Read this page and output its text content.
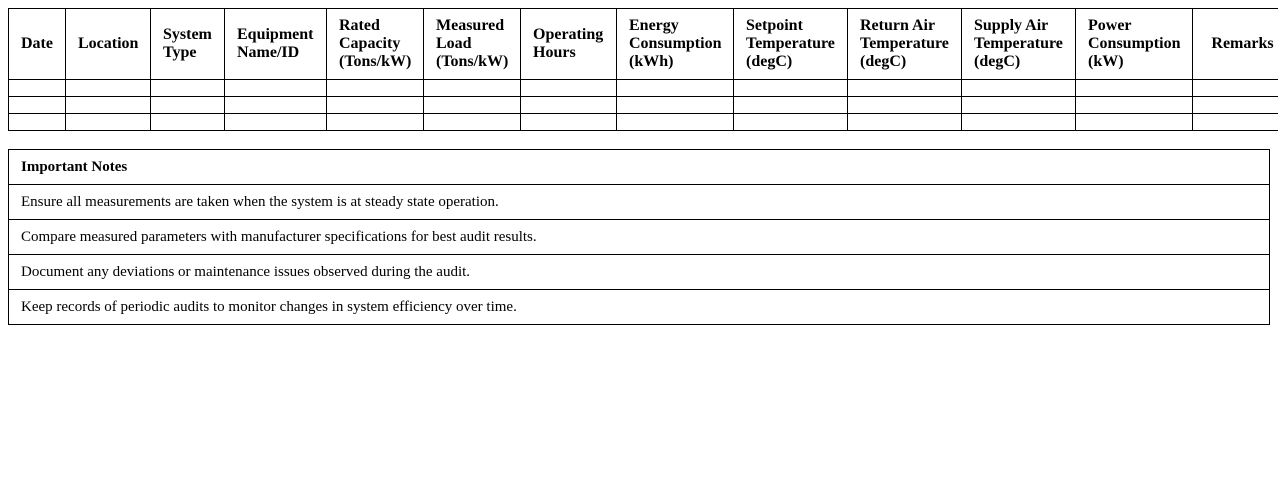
Date	Location	System Type	Equipment Name/ID	Rated Capacity (Tons/kW)	Measured Load (Tons/kW)	Operating Hours	Energy Consumption (kWh)	Setpoint Temperature (degC)	Return Air Temperature (degC)	Supply Air Temperature (degC)	Power Consumption (kW)	Remarks

Important Notes
Ensure all measurements are taken when the system is at steady state operation.
Compare measured parameters with manufacturer specifications for best audit results.
Document any deviations or maintenance issues observed during the audit.
Keep records of periodic audits to monitor changes in system efficiency over time.
